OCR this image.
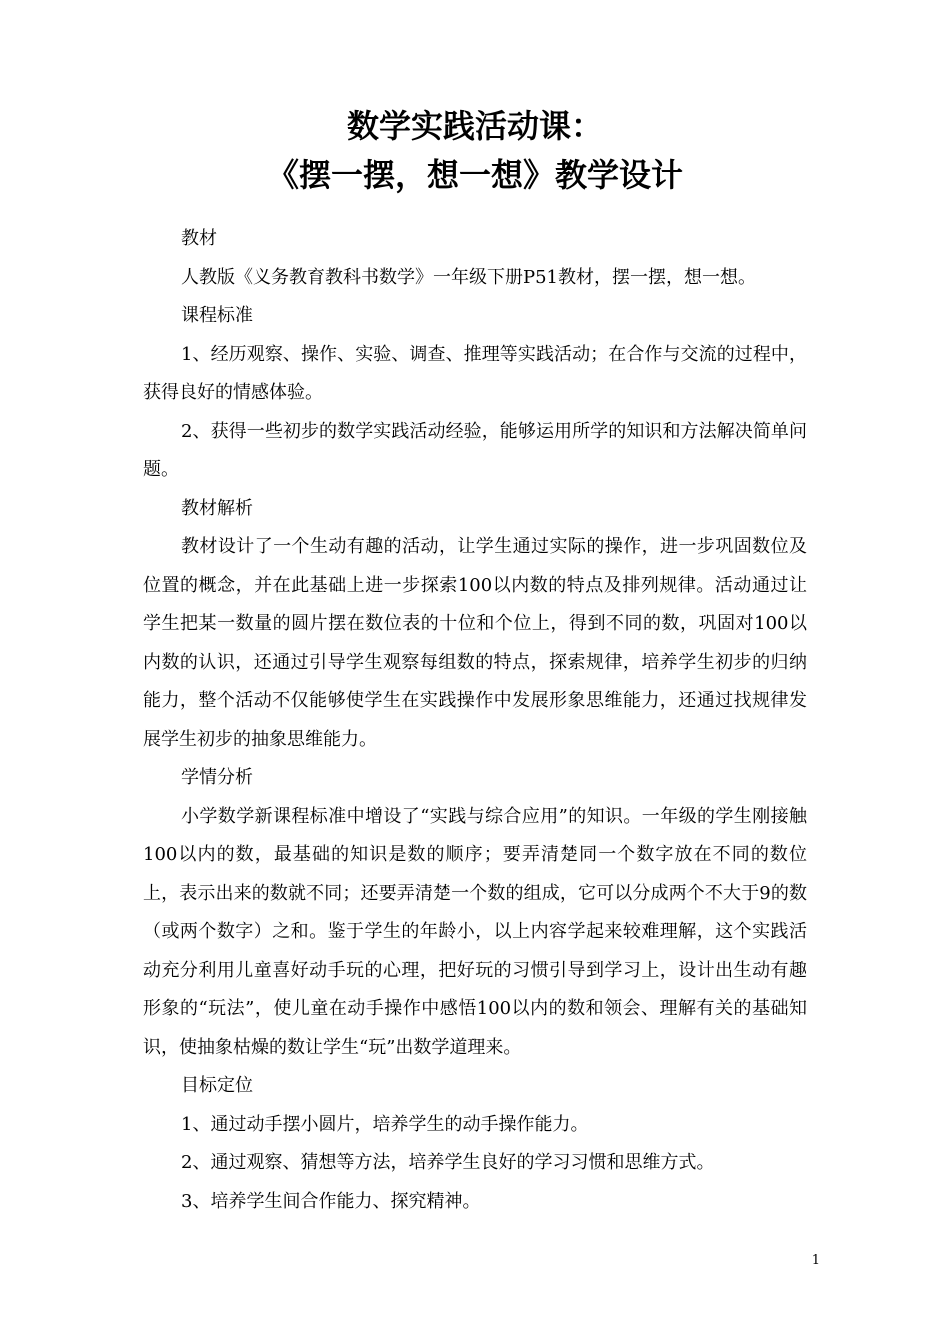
数学实践活动课：
《摆一摆，想一想》教学设计

教材

人教版《义务教育教科书数学》一年级下册P51教材，摆一摆，想一想。

课程标准

1、经历观察、操作、实验、调查、推理等实践活动；在合作与交流的过程中，获得良好的情感体验。

2、获得一些初步的数学实践活动经验，能够运用所学的知识和方法解决简单问题。

教材解析

教材设计了一个生动有趣的活动，让学生通过实际的操作，进一步巩固数位及位置的概念，并在此基础上进一步探索100以内数的特点及排列规律。活动通过让学生把某一数量的圆片摆在数位表的十位和个位上，得到不同的数，巩固对100以内数的认识，还通过引导学生观察每组数的特点，探索规律，培养学生初步的归纳能力，整个活动不仅能够使学生在实践操作中发展形象思维能力，还通过找规律发展学生初步的抽象思维能力。

学情分析

小学数学新课程标准中增设了“实践与综合应用”的知识。一年级的学生刚接触100以内的数，最基础的知识是数的顺序；要弄清楚同一个数字放在不同的数位上，表示出来的数就不同；还要弄清楚一个数的组成，它可以分成两个不大于9的数（或两个数字）之和。鉴于学生的年龄小，以上内容学起来较难理解，这个实践活动充分利用儿童喜好动手玩的心理，把好玩的习惯引导到学习上，设计出生动有趣形象的“玩法”，使儿童在动手操作中感悟100以内的数和领会、理解有关的基础知识，使抽象枯燥的数让学生“玩”出数学道理来。

目标定位

1、通过动手摆小圆片，培养学生的动手操作能力。

2、通过观察、猜想等方法，培养学生良好的学习习惯和思维方式。

3、培养学生间合作能力、探究精神。

1
